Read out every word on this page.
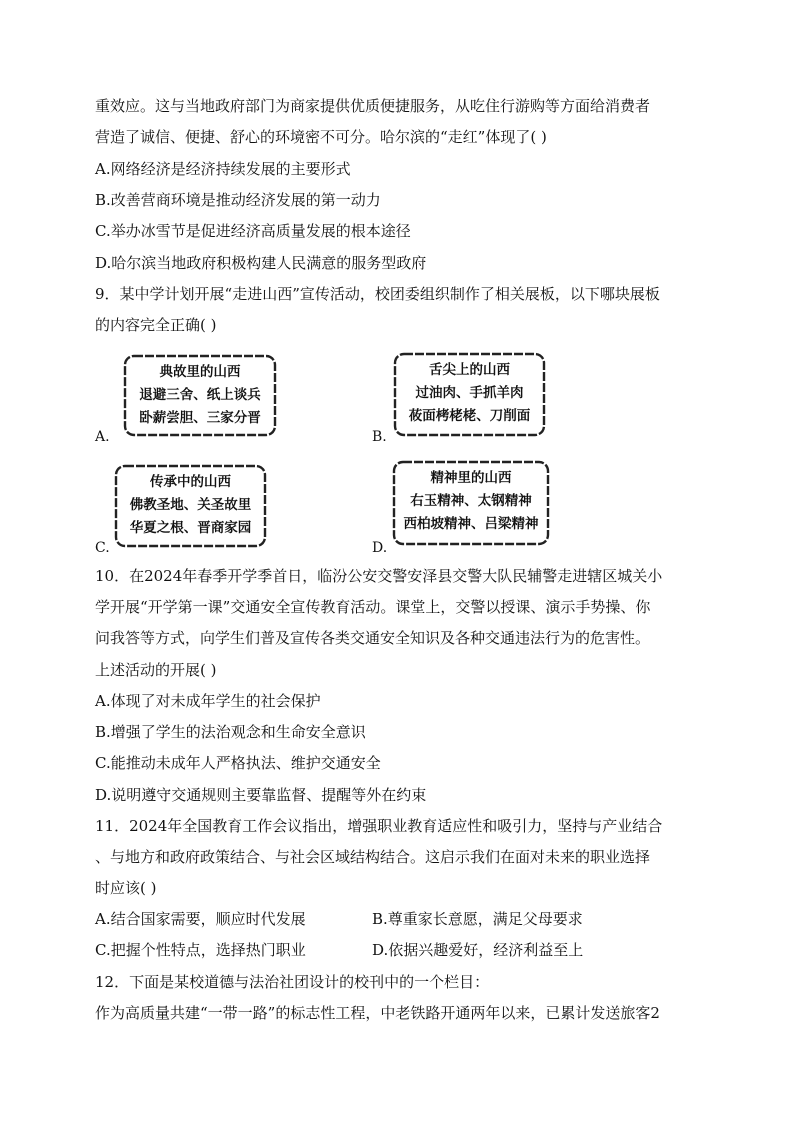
重效应。这与当地政府部门为商家提供优质便捷服务，从吃住行游购等方面给消费者
营造了诚信、便捷、舒心的环境密不可分。哈尔滨的“走红”体现了( )
A.网络经济是经济持续发展的主要形式
B.改善营商环境是推动经济发展的第一动力
C.举办冰雪节是促进经济高质量发展的根本途径
D.哈尔滨当地政府积极构建人民满意的服务型政府
9．某中学计划开展“走进山西”宣传活动，校团委组织制作了相关展板，以下哪块展板
的内容完全正确( )
A.
典故里的山西
退避三舍、纸上谈兵
卧薪尝胆、三家分晋
B.
舌尖上的山西
过油肉、手抓羊肉
莜面栲栳栳、刀削面
C.
传承中的山西
佛教圣地、关圣故里
华夏之根、晋商家园
D.
精神里的山西
右玉精神、太钢精神
西柏坡精神、吕梁精神
10．在2024年春季开学季首日，临汾公安交警安泽县交警大队民辅警走进辖区城关小
学开展“开学第一课”交通安全宣传教育活动。课堂上，交警以授课、演示手势操、你
问我答等方式，向学生们普及宣传各类交通安全知识及各种交通违法行为的危害性。
上述活动的开展( )
A.体现了对未成年学生的社会保护
B.增强了学生的法治观念和生命安全意识
C.能推动未成年人严格执法、维护交通安全
D.说明遵守交通规则主要靠监督、提醒等外在约束
11．2024年全国教育工作会议指出，增强职业教育适应性和吸引力，坚持与产业结合
、与地方和政府政策结合、与社会区域结构结合。这启示我们在面对未来的职业选择
时应该( )
A.结合国家需要，顺应时代发展	B.尊重家长意愿，满足父母要求
C.把握个性特点，选择热门职业	D.依据兴趣爱好，经济利益至上
12．下面是某校道德与法治社团设计的校刊中的一个栏目：
作为高质量共建“一带一路”的标志性工程，中老铁路开通两年以来，已累计发送旅客2
